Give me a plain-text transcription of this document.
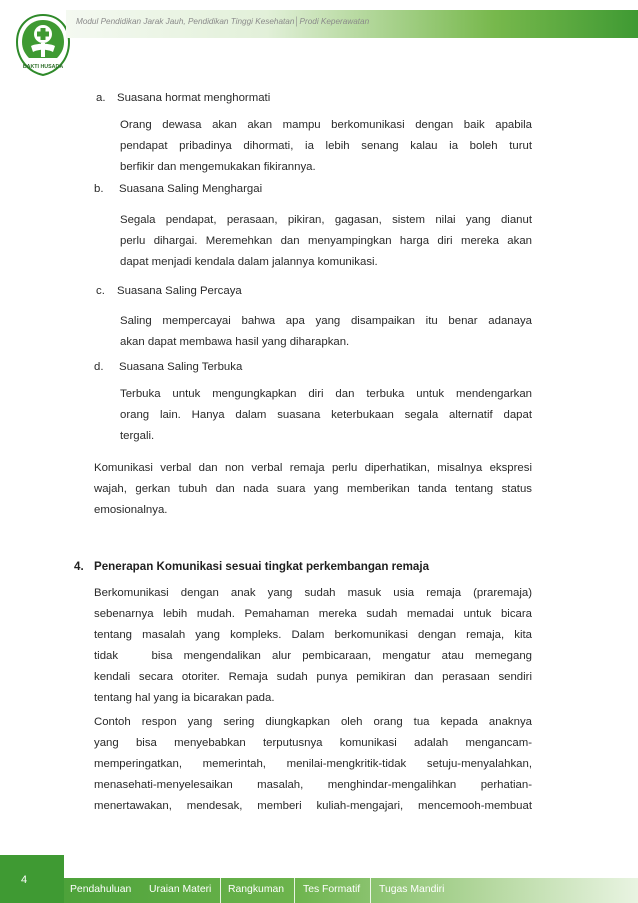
BAKTI HUSADA
Modul Pendidikan Jarak Jauh, Pendidikan Tinggi Kesehatan│Prodi Keperawatan
a. Suasana hormat menghormati
Orang dewasa akan akan mampu berkomunikasi dengan baik apabila
pendapat pribadinya dihormati, ia lebih senang kalau ia boleh turut
berfikir dan mengemukakan fikirannya.
b. Suasana Saling Menghargai
Segala pendapat, perasaan, pikiran, gagasan, sistem nilai yang dianut
perlu dihargai. Meremehkan dan menyampingkan harga diri mereka akan
dapat menjadi kendala dalam jalannya komunikasi.
c. Suasana Saling Percaya
Saling mempercayai bahwa apa yang disampaikan itu benar adanaya
akan dapat membawa hasil yang diharapkan.
d. Suasana Saling Terbuka
Terbuka untuk mengungkapkan diri dan terbuka untuk mendengarkan
orang lain. Hanya dalam suasana keterbukaan segala alternatif dapat
tergali.
Komunikasi verbal dan non verbal remaja perlu diperhatikan, misalnya ekspresi
wajah, gerkan tubuh dan nada suara yang memberikan tanda tentang status
emosionalnya.
4. Penerapan Komunikasi sesuai tingkat perkembangan remaja
Berkomunikasi dengan anak yang sudah masuk usia remaja (praremaja)
sebenarnya lebih mudah. Pemahaman mereka sudah memadai untuk bicara
tentang masalah yang kompleks. Dalam berkomunikasi dengan remaja, kita
tidak   bisa mengendalikan alur pembicaraan, mengatur atau memegang
kendali secara otoriter. Remaja sudah punya pemikiran dan perasaan sendiri
tentang hal yang ia bicarakan pada.
Contoh respon yang sering diungkapkan oleh orang tua kepada anaknya
yang bisa menyebabkan terputusnya komunikasi adalah mengancam-
memperingatkan, memerintah, menilai-mengkritik-tidak setuju-menyalahkan,
menasehati-menyelesaikan masalah, menghindar-mengalihkan perhatian-
menertawakan, mendesak, memberi kuliah-mengajari, mencemooh-membuat
4
Pendahuluan Uraian Materi Rangkuman Tes Formatif Tugas Mandiri
